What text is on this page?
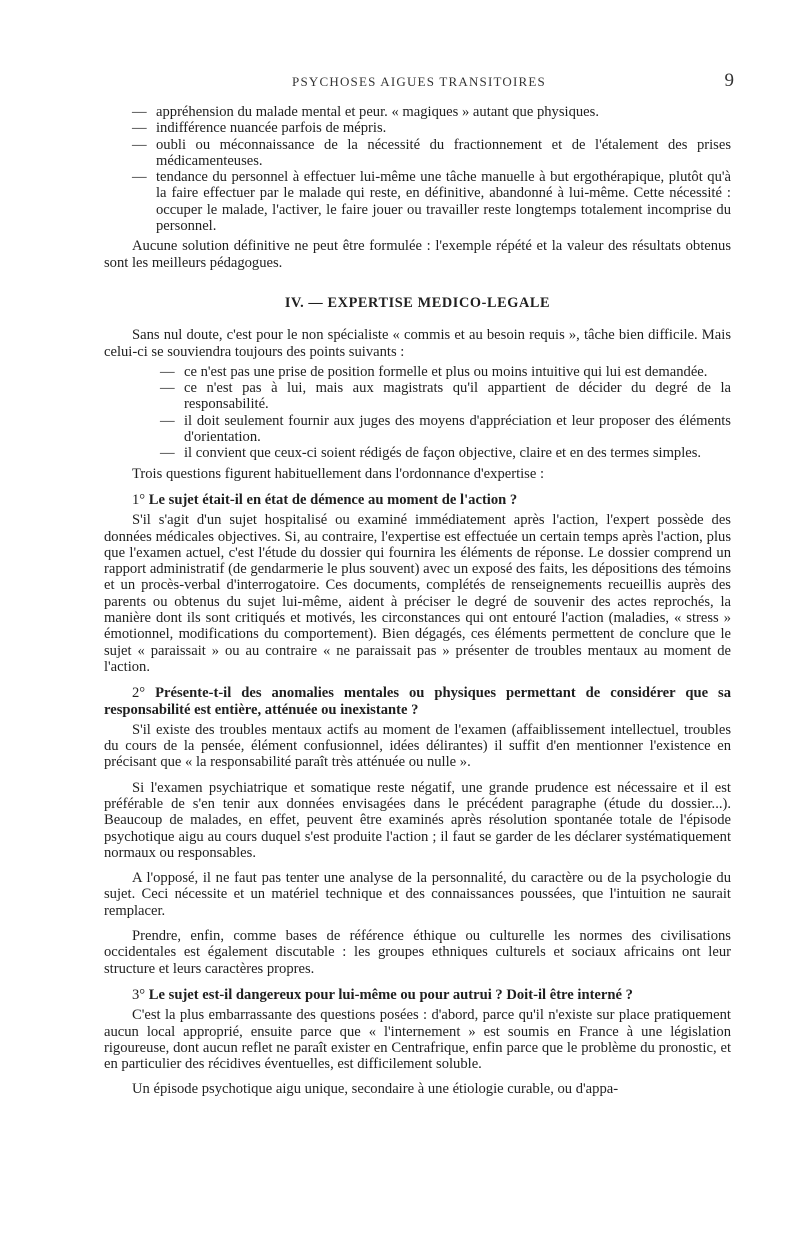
PSYCHOSES AIGUES TRANSITOIRES	9
— appréhension du malade mental et peur. « magiques » autant que physiques.
— indifférence nuancée parfois de mépris.
— oubli ou méconnaissance de la nécessité du fractionnement et de l'étalement des prises médicamenteuses.
— tendance du personnel à effectuer lui-même une tâche manuelle à but ergothérapique, plutôt qu'à la faire effectuer par le malade qui reste, en définitive, abandonné à lui-même. Cette nécessité : occuper le malade, l'activer, le faire jouer ou travailler reste longtemps totalement incomprise du personnel.

Aucune solution définitive ne peut être formulée : l'exemple répété et la valeur des résultats obtenus sont les meilleurs pédagogues.

IV. — EXPERTISE MEDICO-LEGALE

Sans nul doute, c'est pour le non spécialiste « commis et au besoin requis », tâche bien difficile. Mais celui-ci se souviendra toujours des points suivants :

— ce n'est pas une prise de position formelle et plus ou moins intuitive qui lui est demandée.
— ce n'est pas à lui, mais aux magistrats qu'il appartient de décider du degré de la responsabilité.
— il doit seulement fournir aux juges des moyens d'appréciation et leur proposer des éléments d'orientation.
— il convient que ceux-ci soient rédigés de façon objective, claire et en des termes simples.

Trois questions figurent habituellement dans l'ordonnance d'expertise :

1° Le sujet était-il en état de démence au moment de l'action ?

S'il s'agit d'un sujet hospitalisé ou examiné immédiatement après l'action, l'expert possède des données médicales objectives. Si, au contraire, l'expertise est effectuée un certain temps après l'action, plus que l'examen actuel, c'est l'étude du dossier qui fournira les éléments de réponse. Le dossier comprend un rapport administratif (de gendarmerie le plus souvent) avec un exposé des faits, les dépositions des témoins et un procès-verbal d'interrogatoire. Ces documents, complétés de renseignements recueillis auprès des parents ou obtenus du sujet lui-même, aident à préciser le degré de souvenir des actes reprochés, la manière dont ils sont critiqués et motivés, les circonstances qui ont entouré l'action (maladies, « stress » émotionnel, modifications du comportement). Bien dégagés, ces éléments permettent de conclure que le sujet « paraissait » ou au contraire « ne paraissait pas » présenter de troubles mentaux au moment de l'action.

2° Présente-t-il des anomalies mentales ou physiques permettant de considérer que sa responsabilité est entière, atténuée ou inexistante ?

S'il existe des troubles mentaux actifs au moment de l'examen (affaiblissement intellectuel, troubles du cours de la pensée, élément confusionnel, idées délirantes) il suffit d'en mentionner l'existence en précisant que « la responsabilité paraît très atténuée ou nulle ».

Si l'examen psychiatrique et somatique reste négatif, une grande prudence est nécessaire et il est préférable de s'en tenir aux données envisagées dans le précédent paragraphe (étude du dossier...). Beaucoup de malades, en effet, peuvent être examinés après résolution spontanée totale de l'épisode psychotique aigu au cours duquel s'est produite l'action ; il faut se garder de les déclarer systématiquement normaux ou responsables.

A l'opposé, il ne faut pas tenter une analyse de la personnalité, du caractère ou de la psychologie du sujet. Ceci nécessite et un matériel technique et des connaissances poussées, que l'intuition ne saurait remplacer.

Prendre, enfin, comme bases de référence éthique ou culturelle les normes des civilisations occidentales est également discutable : les groupes ethniques culturels et sociaux africains ont leur structure et leurs caractères propres.

3° Le sujet est-il dangereux pour lui-même ou pour autrui ? Doit-il être interné ?

C'est la plus embarrassante des questions posées : d'abord, parce qu'il n'existe sur place pratiquement aucun local approprié, ensuite parce que « l'internement » est soumis en France à une législation rigoureuse, dont aucun reflet ne paraît exister en Centrafrique, enfin parce que le problème du pronostic, et en particulier des récidives éventuelles, est difficilement soluble.

Un épisode psychotique aigu unique, secondaire à une étiologie curable, ou d'appa-
